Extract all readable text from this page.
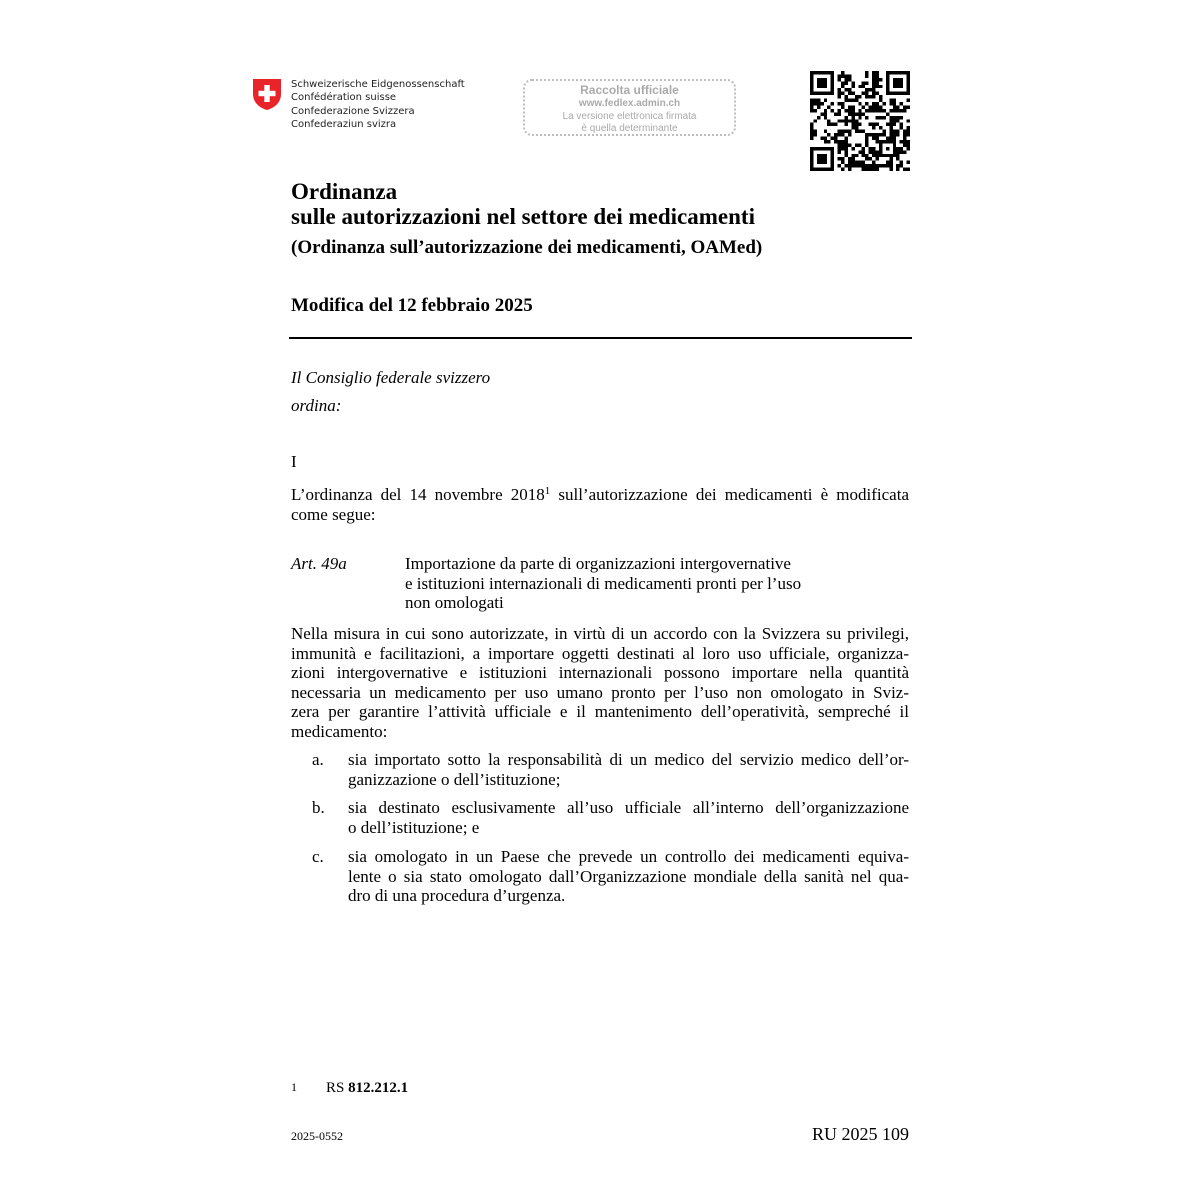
Schweizerische Eidgenossenschaft
Confédération suisse
Confederazione Svizzera
Confederaziun svizra
Raccolta ufficiale
www.fedlex.admin.ch
La versione elettronica firmata
è quella determinante
Ordinanza
sulle autorizzazioni nel settore dei medicamenti
(Ordinanza sull’autorizzazione dei medicamenti, OAMed)
Modifica del 12 febbraio 2025
Il Consiglio federale svizzero
ordina:
I
L’ordinanza del 14 novembre 2018$^1$ sull’autorizzazione dei medicamenti è modificata
come segue:
Art. 49a	Importazione da parte di organizzazioni intergovernative
e istituzioni internazionali di medicamenti pronti per l’uso
non omologati
Nella misura in cui sono autorizzate, in virtù di un accordo con la Svizzera su privilegi,
immunità e facilitazioni, a importare oggetti destinati al loro uso ufficiale, organizza-
zioni intergovernative e istituzioni internazionali possono importare nella quantità
necessaria un medicamento per uso umano pronto per l’uso non omologato in Sviz-
zera per garantire l’attività ufficiale e il mantenimento dell’operatività, sempreché il
medicamento:
a. sia importato sotto la responsabilità di un medico del servizio medico dell’or-
ganizzazione o dell’istituzione;
b. sia destinato esclusivamente all’uso ufficiale all’interno dell’organizzazione
o dell’istituzione; e
c. sia omologato in un Paese che prevede un controllo dei medicamenti equiva-
lente o sia stato omologato dall’Organizzazione mondiale della sanità nel qua-
dro di una procedura d’urgenza.
1 RS 812.212.1
2025-0552	RU 2025 109
